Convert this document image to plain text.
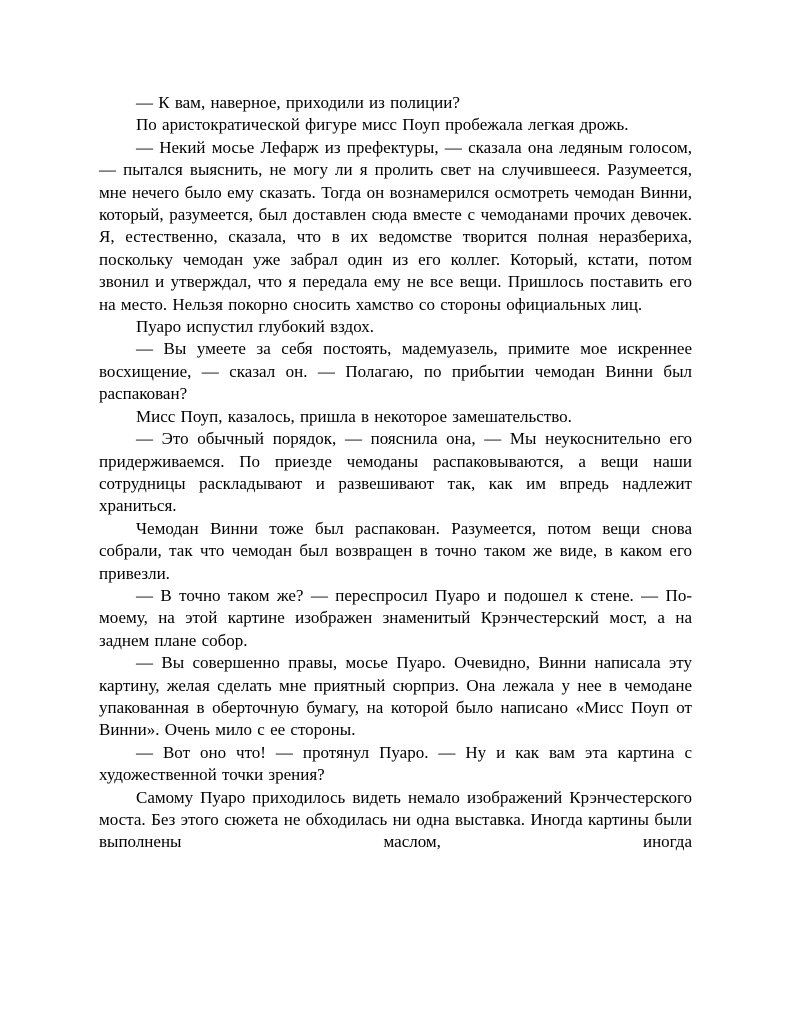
— К вам, наверное, приходили из полиции?

По аристократической фигуре мисс Поуп пробежала легкая дрожь.

— Некий мосье Лефарж из префектуры, — сказала она ледяным голосом, — пытался выяснить, не могу ли я пролить свет на случившееся. Разумеется, мне нечего было ему сказать. Тогда он вознамерился осмотреть чемодан Винни, который, разумеется, был доставлен сюда вместе с чемоданами прочих девочек. Я, естественно, сказала, что в их ведомстве творится полная неразбериха, поскольку чемодан уже забрал один из его коллег. Который, кстати, потом звонил и утверждал, что я передала ему не все вещи. Пришлось поставить его на место. Нельзя покорно сносить хамство со стороны официальных лиц.

Пуаро испустил глубокий вздох.

— Вы умеете за себя постоять, мадемуазель, примите мое искреннее восхищение, — сказал он. — Полагаю, по прибытии чемодан Винни был распакован?

Мисс Поуп, казалось, пришла в некоторое замешательство.

— Это обычный порядок, — пояснила она, — Мы неукоснительно его придерживаемся. По приезде чемоданы распаковываются, а вещи наши сотрудницы раскладывают и развешивают так, как им впредь надлежит храниться.

Чемодан Винни тоже был распакован. Разумеется, потом вещи снова собрали, так что чемодан был возвращен в точно таком же виде, в каком его привезли.

— В точно таком же? — переспросил Пуаро и подошел к стене. — По-моему, на этой картине изображен знаменитый Крэнчестерский мост, а на заднем плане собор.

— Вы совершенно правы, мосье Пуаро. Очевидно, Винни написала эту картину, желая сделать мне приятный сюрприз. Она лежала у нее в чемодане упакованная в оберточную бумагу, на которой было написано «Мисс Поуп от Винни». Очень мило с ее стороны.

— Вот оно что! — протянул Пуаро. — Ну и как вам эта картина с художественной точки зрения?

Самому Пуаро приходилось видеть немало изображений Крэнчестерского моста. Без этого сюжета не обходилась ни одна выставка. Иногда картины были выполнены маслом, иногда
